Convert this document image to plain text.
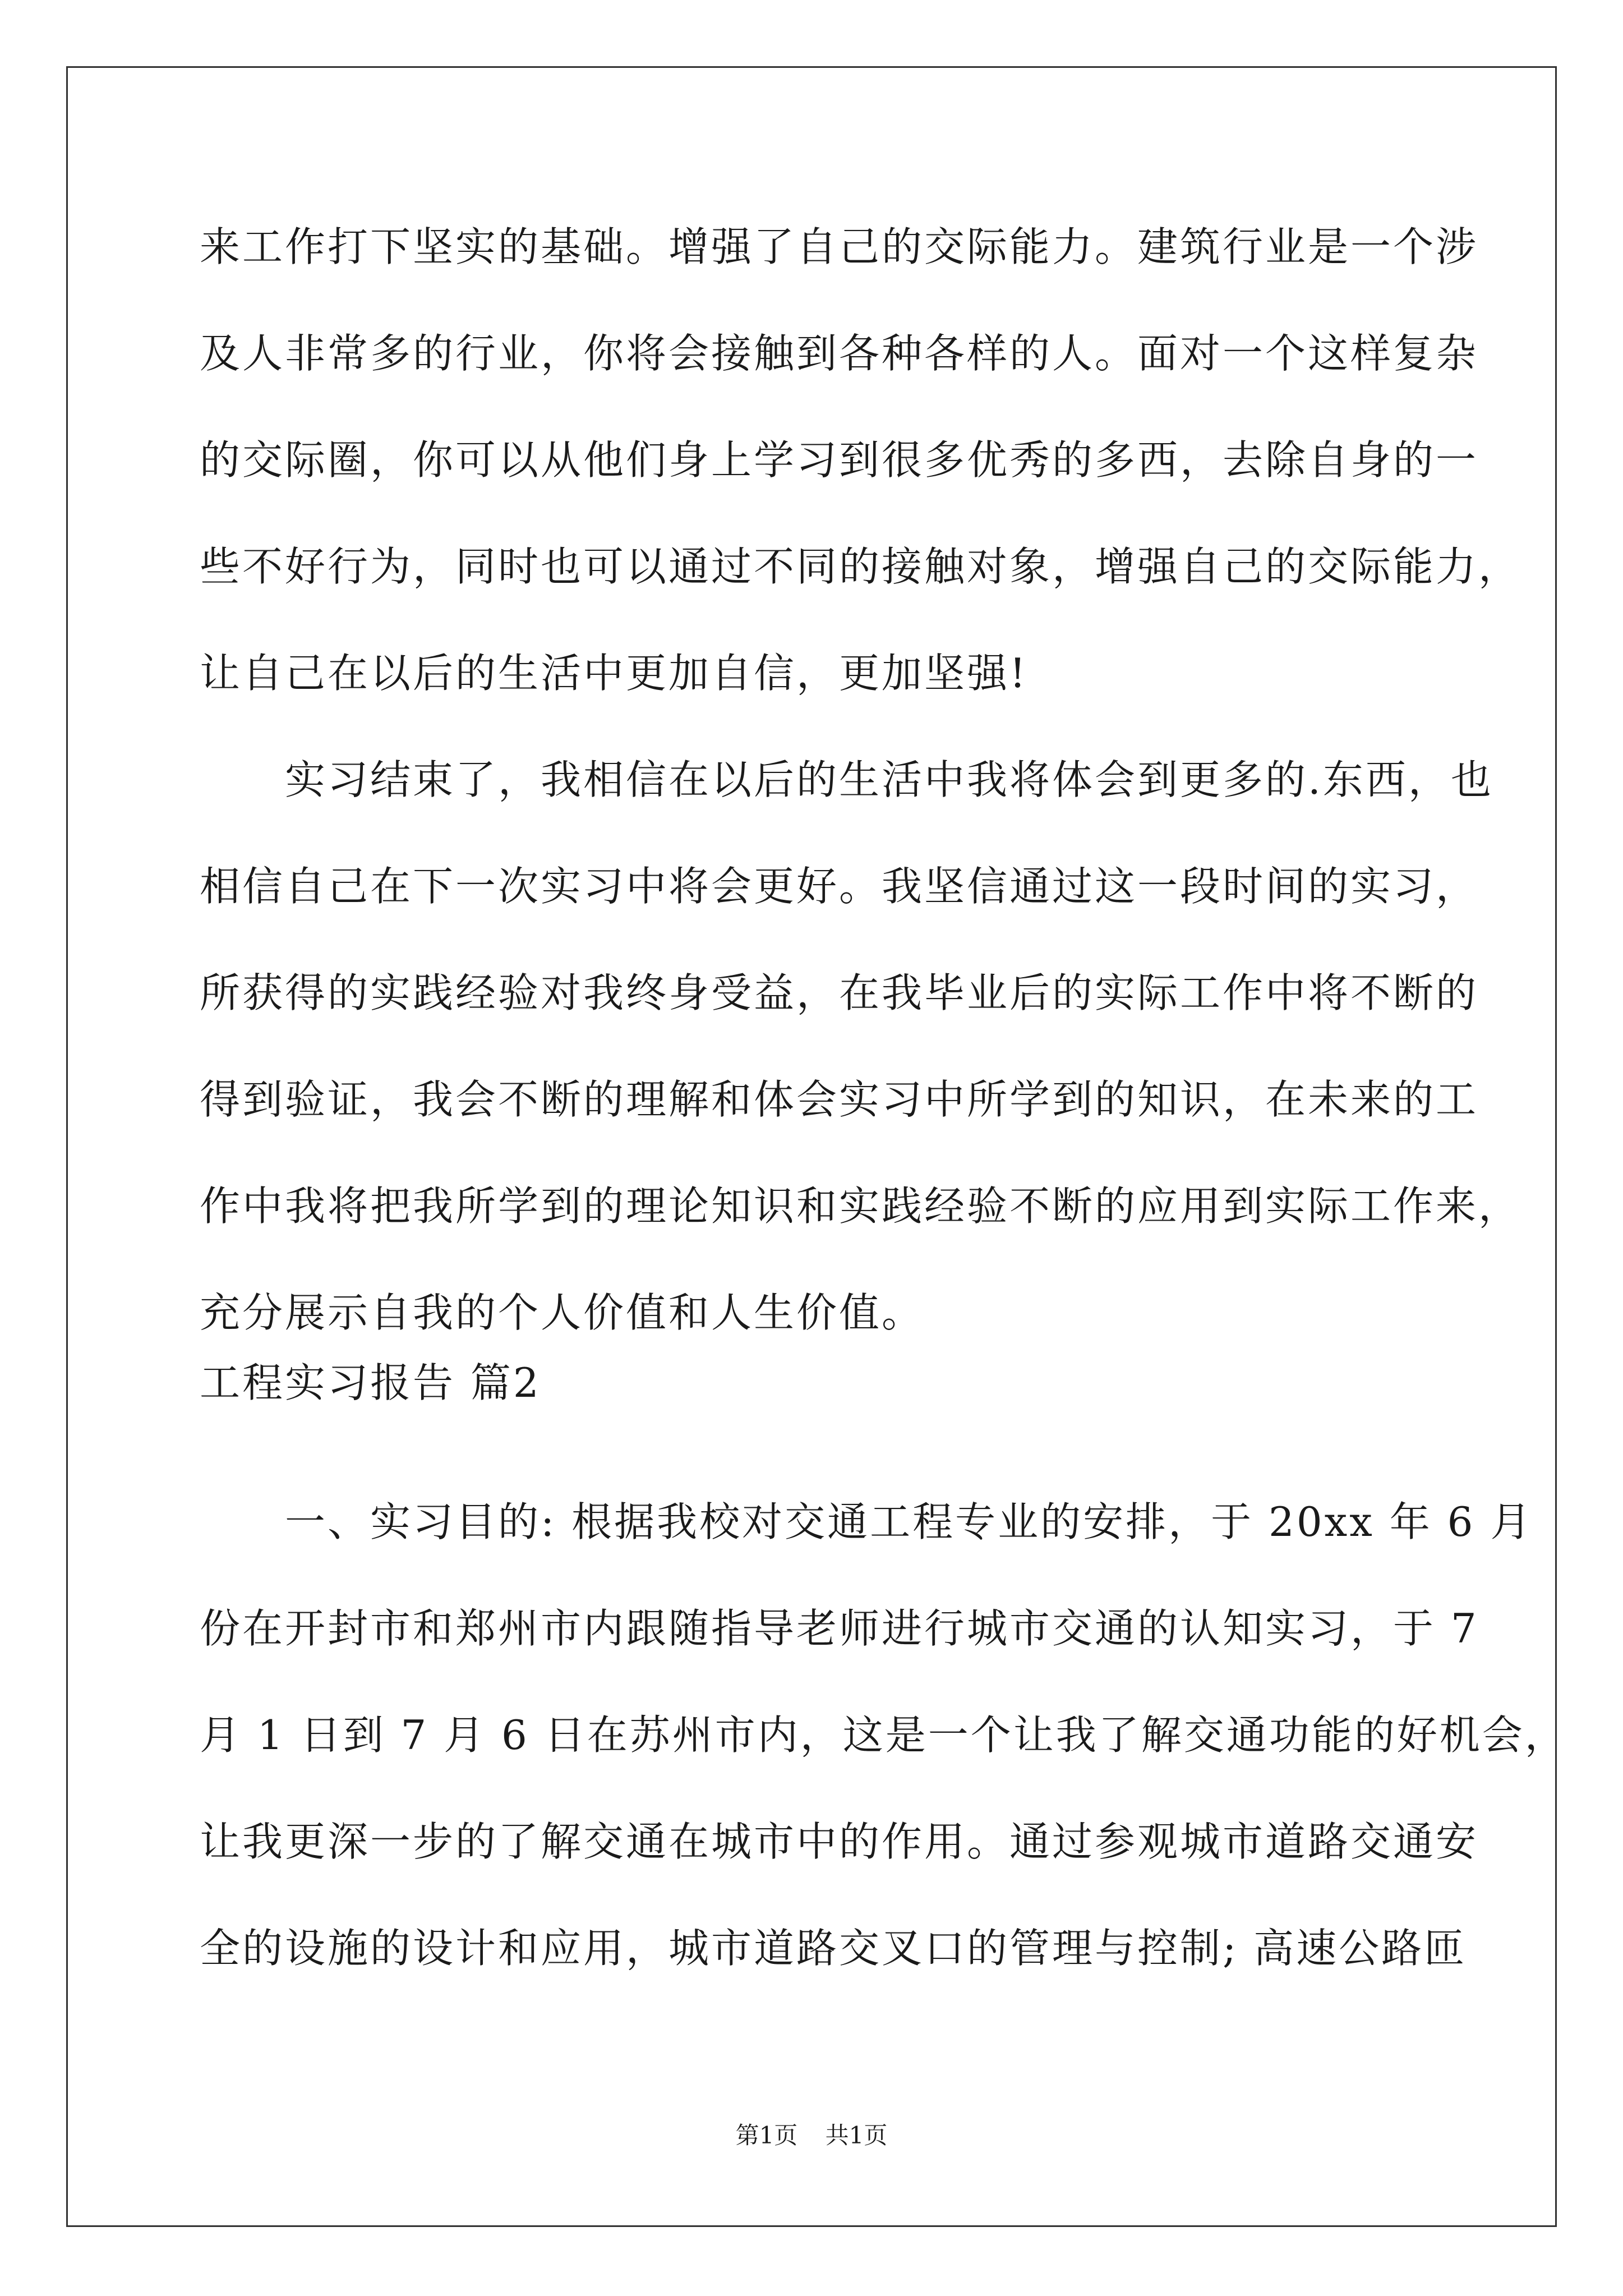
来工作打下坚实的基础。增强了自己的交际能力。建筑行业是一个涉
及人非常多的行业，你将会接触到各种各样的人。面对一个这样复杂
的交际圈，你可以从他们身上学习到很多优秀的多西，去除自身的一
些不好行为，同时也可以通过不同的接触对象，增强自己的交际能力，
让自己在以后的生活中更加自信，更加坚强!
　　实习结束了，我相信在以后的生活中我将体会到更多的.东西，也
相信自己在下一次实习中将会更好。我坚信通过这一段时间的实习，
所获得的实践经验对我终身受益，在我毕业后的实际工作中将不断的
得到验证，我会不断的理解和体会实习中所学到的知识，在未来的工
作中我将把我所学到的理论知识和实践经验不断的应用到实际工作来，
充分展示自我的个人价值和人生价值。
工程实习报告 篇2
　　一、实习目的: 根据我校对交通工程专业的安排，于 20xx 年 6 月
份在开封市和郑州市内跟随指导老师进行城市交通的认知实习，于 7
月 1 日到 7 月 6 日在苏州市内，这是一个让我了解交通功能的好机会，
让我更深一步的了解交通在城市中的作用。通过参观城市道路交通安
全的设施的设计和应用，城市道路交叉口的管理与控制; 高速公路匝
第1页 共1页
